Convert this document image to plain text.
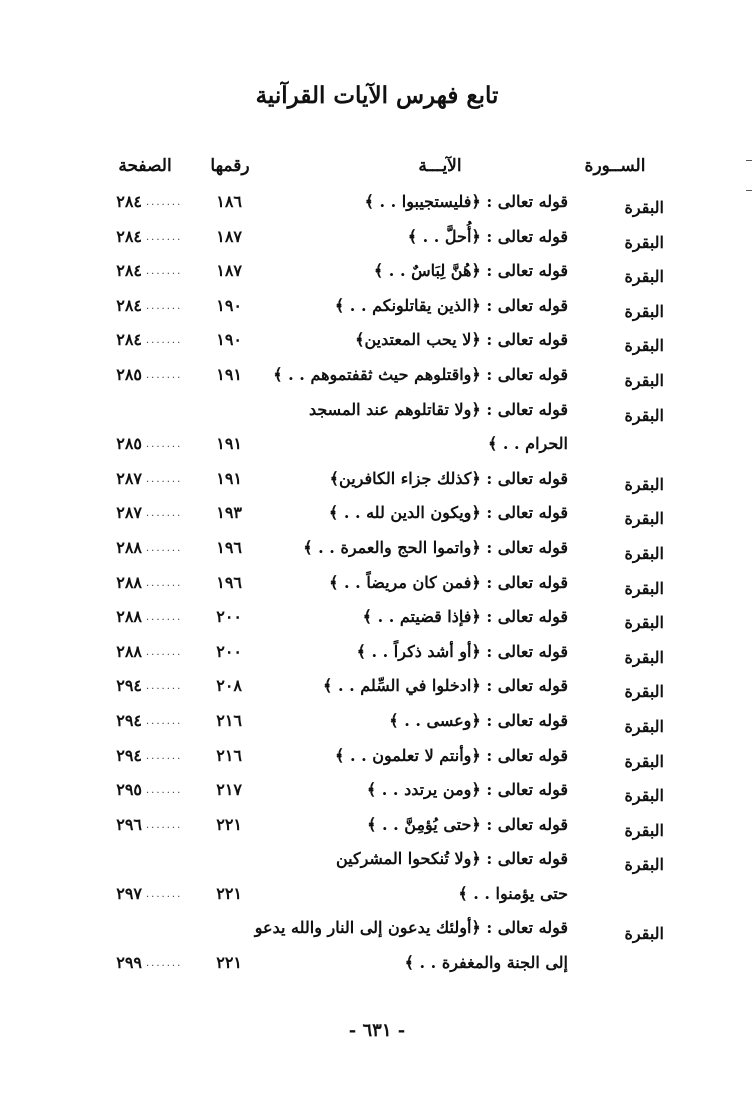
تابع فهرس الآيات القرآنية
الســورة
الآيـــة
رقمها
الصفحة
البقرة
قوله تعالى : ﴿فليستجيبوا . . ﴾
١٨٦
.......
٢٨٤
البقرة
قوله تعالى : ﴿أُحلَّ . . ﴾
١٨٧
.......
٢٨٤
البقرة
قوله تعالى : ﴿هُنَّ لِبَاسٌ . . ﴾
١٨٧
.......
٢٨٤
البقرة
قوله تعالى : ﴿الذين يقاتلونكم . . ﴾
١٩٠
.......
٢٨٤
البقرة
قوله تعالى : ﴿لا يحب المعتدين﴾
١٩٠
.......
٢٨٤
البقرة
قوله تعالى : ﴿واقتلوهم حيث ثقفتموهم . . ﴾
١٩١
.......
٢٨٥
البقرة
قوله تعالى : ﴿ولا تقاتلوهم عند المسجد
الحرام . . ﴾
١٩١
.......
٢٨٥
البقرة
قوله تعالى : ﴿كذلك جزاء الكافرين﴾
١٩١
.......
٢٨٧
البقرة
قوله تعالى : ﴿ويكون الدين لله . . ﴾
١٩٣
.......
٢٨٧
البقرة
قوله تعالى : ﴿واتموا الحج والعمرة . . ﴾
١٩٦
.......
٢٨٨
البقرة
قوله تعالى : ﴿فمن كان مريضاً . . ﴾
١٩٦
.......
٢٨٨
البقرة
قوله تعالى : ﴿فإذا قضيتم . . ﴾
٢٠٠
.......
٢٨٨
البقرة
قوله تعالى : ﴿أو أشد ذكراً . . ﴾
٢٠٠
.......
٢٨٨
البقرة
قوله تعالى : ﴿ادخلوا في السِّلم . . ﴾
٢٠٨
.......
٢٩٤
البقرة
قوله تعالى : ﴿وعسى . . ﴾
٢١٦
.......
٢٩٤
البقرة
قوله تعالى : ﴿وأنتم لا تعلمون . . ﴾
٢١٦
.......
٢٩٤
البقرة
قوله تعالى : ﴿ومن يرتدد . . ﴾
٢١٧
.......
٢٩٥
البقرة
قوله تعالى : ﴿حتى يُؤمِنَّ . . ﴾
٢٢١
.......
٢٩٦
البقرة
قوله تعالى : ﴿ولا تُنكحوا المشركين
حتى يؤمنوا . . ﴾
٢٢١
.......
٢٩٧
البقرة
قوله تعالى : ﴿أولئك يدعون إلى النار والله يدعو
إلى الجنة والمغفرة . . ﴾
٢٢١
.......
٢٩٩
- ٦٣١ -
